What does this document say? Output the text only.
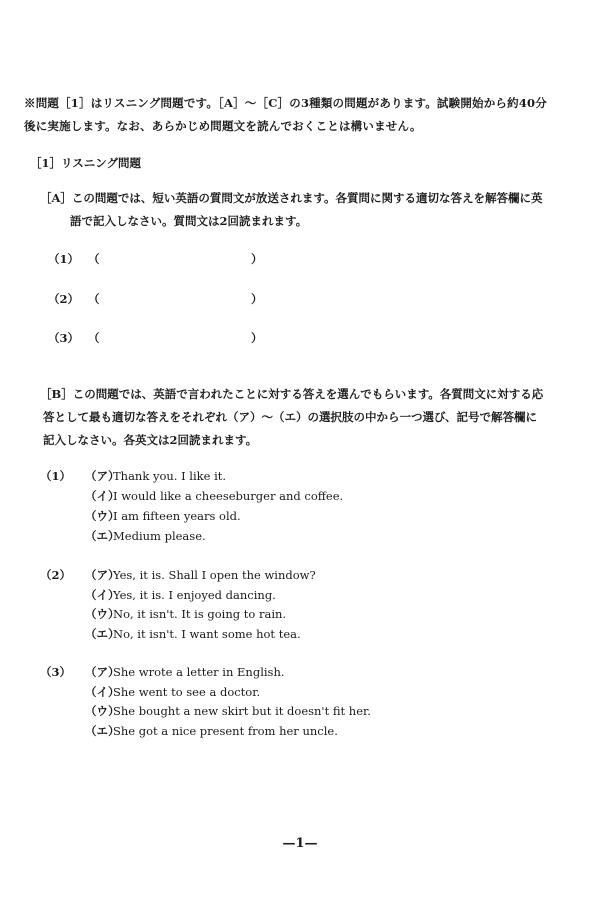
※問題［1］はリスニング問題です。［A］～［C］の3種類の問題があります。試験開始から約40分
後に実施します。なお、あらかじめ問題文を読んでおくことは構いません。
［1］リスニング問題
［A］この問題では、短い英語の質問文が放送されます。各質問に関する適切な答えを解答欄に英
語で記入しなさい。質問文は2回読まれます。
（1） （	）
（2） （	）
（3） （	）
［B］この問題では、英語で言われたことに対する答えを選んでもらいます。各質問文に対する応
答として最も適切な答えをそれぞれ（ア）～（エ）の選択肢の中から一つ選び、記号で解答欄に
記入しなさい。各英文は2回読まれます。
（1） （ア）Thank you. I like it.
（イ）I would like a cheeseburger and coffee.
（ウ）I am fifteen years old.
（エ）Medium please.
（2） （ア）Yes, it is. Shall I open the window?
（イ）Yes, it is. I enjoyed dancing.
（ウ）No, it isn't. It is going to rain.
（エ）No, it isn't. I want some hot tea.
（3） （ア）She wrote a letter in English.
（イ）She went to see a doctor.
（ウ）She bought a new skirt but it doesn't fit her.
（エ）She got a nice present from her uncle.
—1—
